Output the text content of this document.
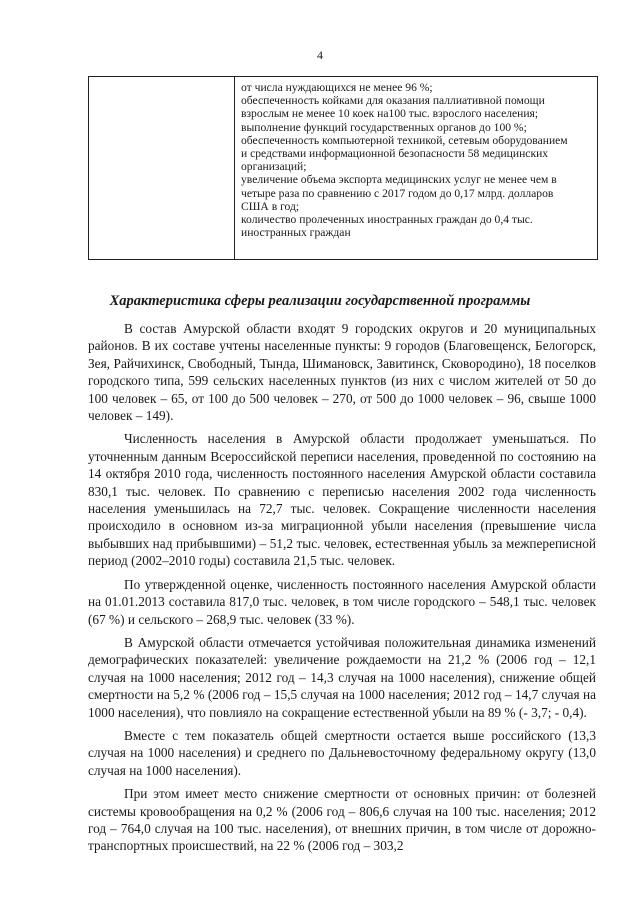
4
от числа нуждающихся не менее 96 %;
обеспеченность койками для оказания паллиативной помощи
взрослым не менее 10 коек на100 тыс. взрослого населения;
выполнение функций государственных органов до 100 %;
обеспеченность компьютерной техникой, сетевым оборудованием
и средствами информационной безопасности 58 медицинских
организаций;
увеличение объема экспорта медицинских услуг не менее чем в
четыре раза по сравнению с 2017 годом до 0,17 млрд. долларов
США в год;
количество пролеченных иностранных граждан до 0,4 тыс.
иностранных граждан
Характеристика сферы реализации государственной программы

В состав Амурской области входят 9 городских округов и 20 муниципальных районов. В их составе учтены населенные пункты: 9 городов (Благовещенск, Белогорск, Зея, Райчихинск, Свободный, Тында, Шимановск, Завитинск, Сковородино), 18 поселков городского типа, 599 сельских населенных пунктов (из них с числом жителей от 50 до 100 человек – 65, от 100 до 500 человек – 270, от 500 до 1000 человек – 96, свыше 1000 человек – 149).

Численность населения в Амурской области продолжает уменьшаться. По уточненным данным Всероссийской переписи населения, проведенной по состоянию на 14 октября 2010 года, численность постоянного населения Амурской области составила 830,1 тыс. человек. По сравнению с переписью населения 2002 года численность населения уменьшилась на 72,7 тыс. человек. Сокращение численности населения происходило в основном из-за миграционной убыли населения (превышение числа выбывших над прибывшими) – 51,2 тыс. человек, естественная убыль за межпереписной период (2002–2010 годы) составила 21,5 тыс. человек.

По утвержденной оценке, численность постоянного населения Амурской области на 01.01.2013 составила 817,0 тыс. человек, в том числе городского – 548,1 тыс. человек (67 %) и сельского – 268,9 тыс. человек (33 %).

В Амурской области отмечается устойчивая положительная динамика изменений демографических показателей: увеличение рождаемости на 21,2 % (2006 год – 12,1 случая на 1000 населения; 2012 год – 14,3 случая на 1000 населения), снижение общей смертности на 5,2 % (2006 год – 15,5 случая на 1000 населения; 2012 год – 14,7 случая на 1000 населения), что повлияло на сокращение естественной убыли на 89 % (- 3,7; - 0,4).

Вместе с тем показатель общей смертности остается выше российского (13,3 случая на 1000 населения) и среднего по Дальневосточному федеральному округу (13,0 случая на 1000 населения).

При этом имеет место снижение смертности от основных причин: от болезней системы кровообращения на 0,2 % (2006 год – 806,6 случая на 100 тыс. населения; 2012 год – 764,0 случая на 100 тыс. населения), от внешних причин, в том числе от дорожно-транспортных происшествий, на 22 % (2006 год – 303,2
